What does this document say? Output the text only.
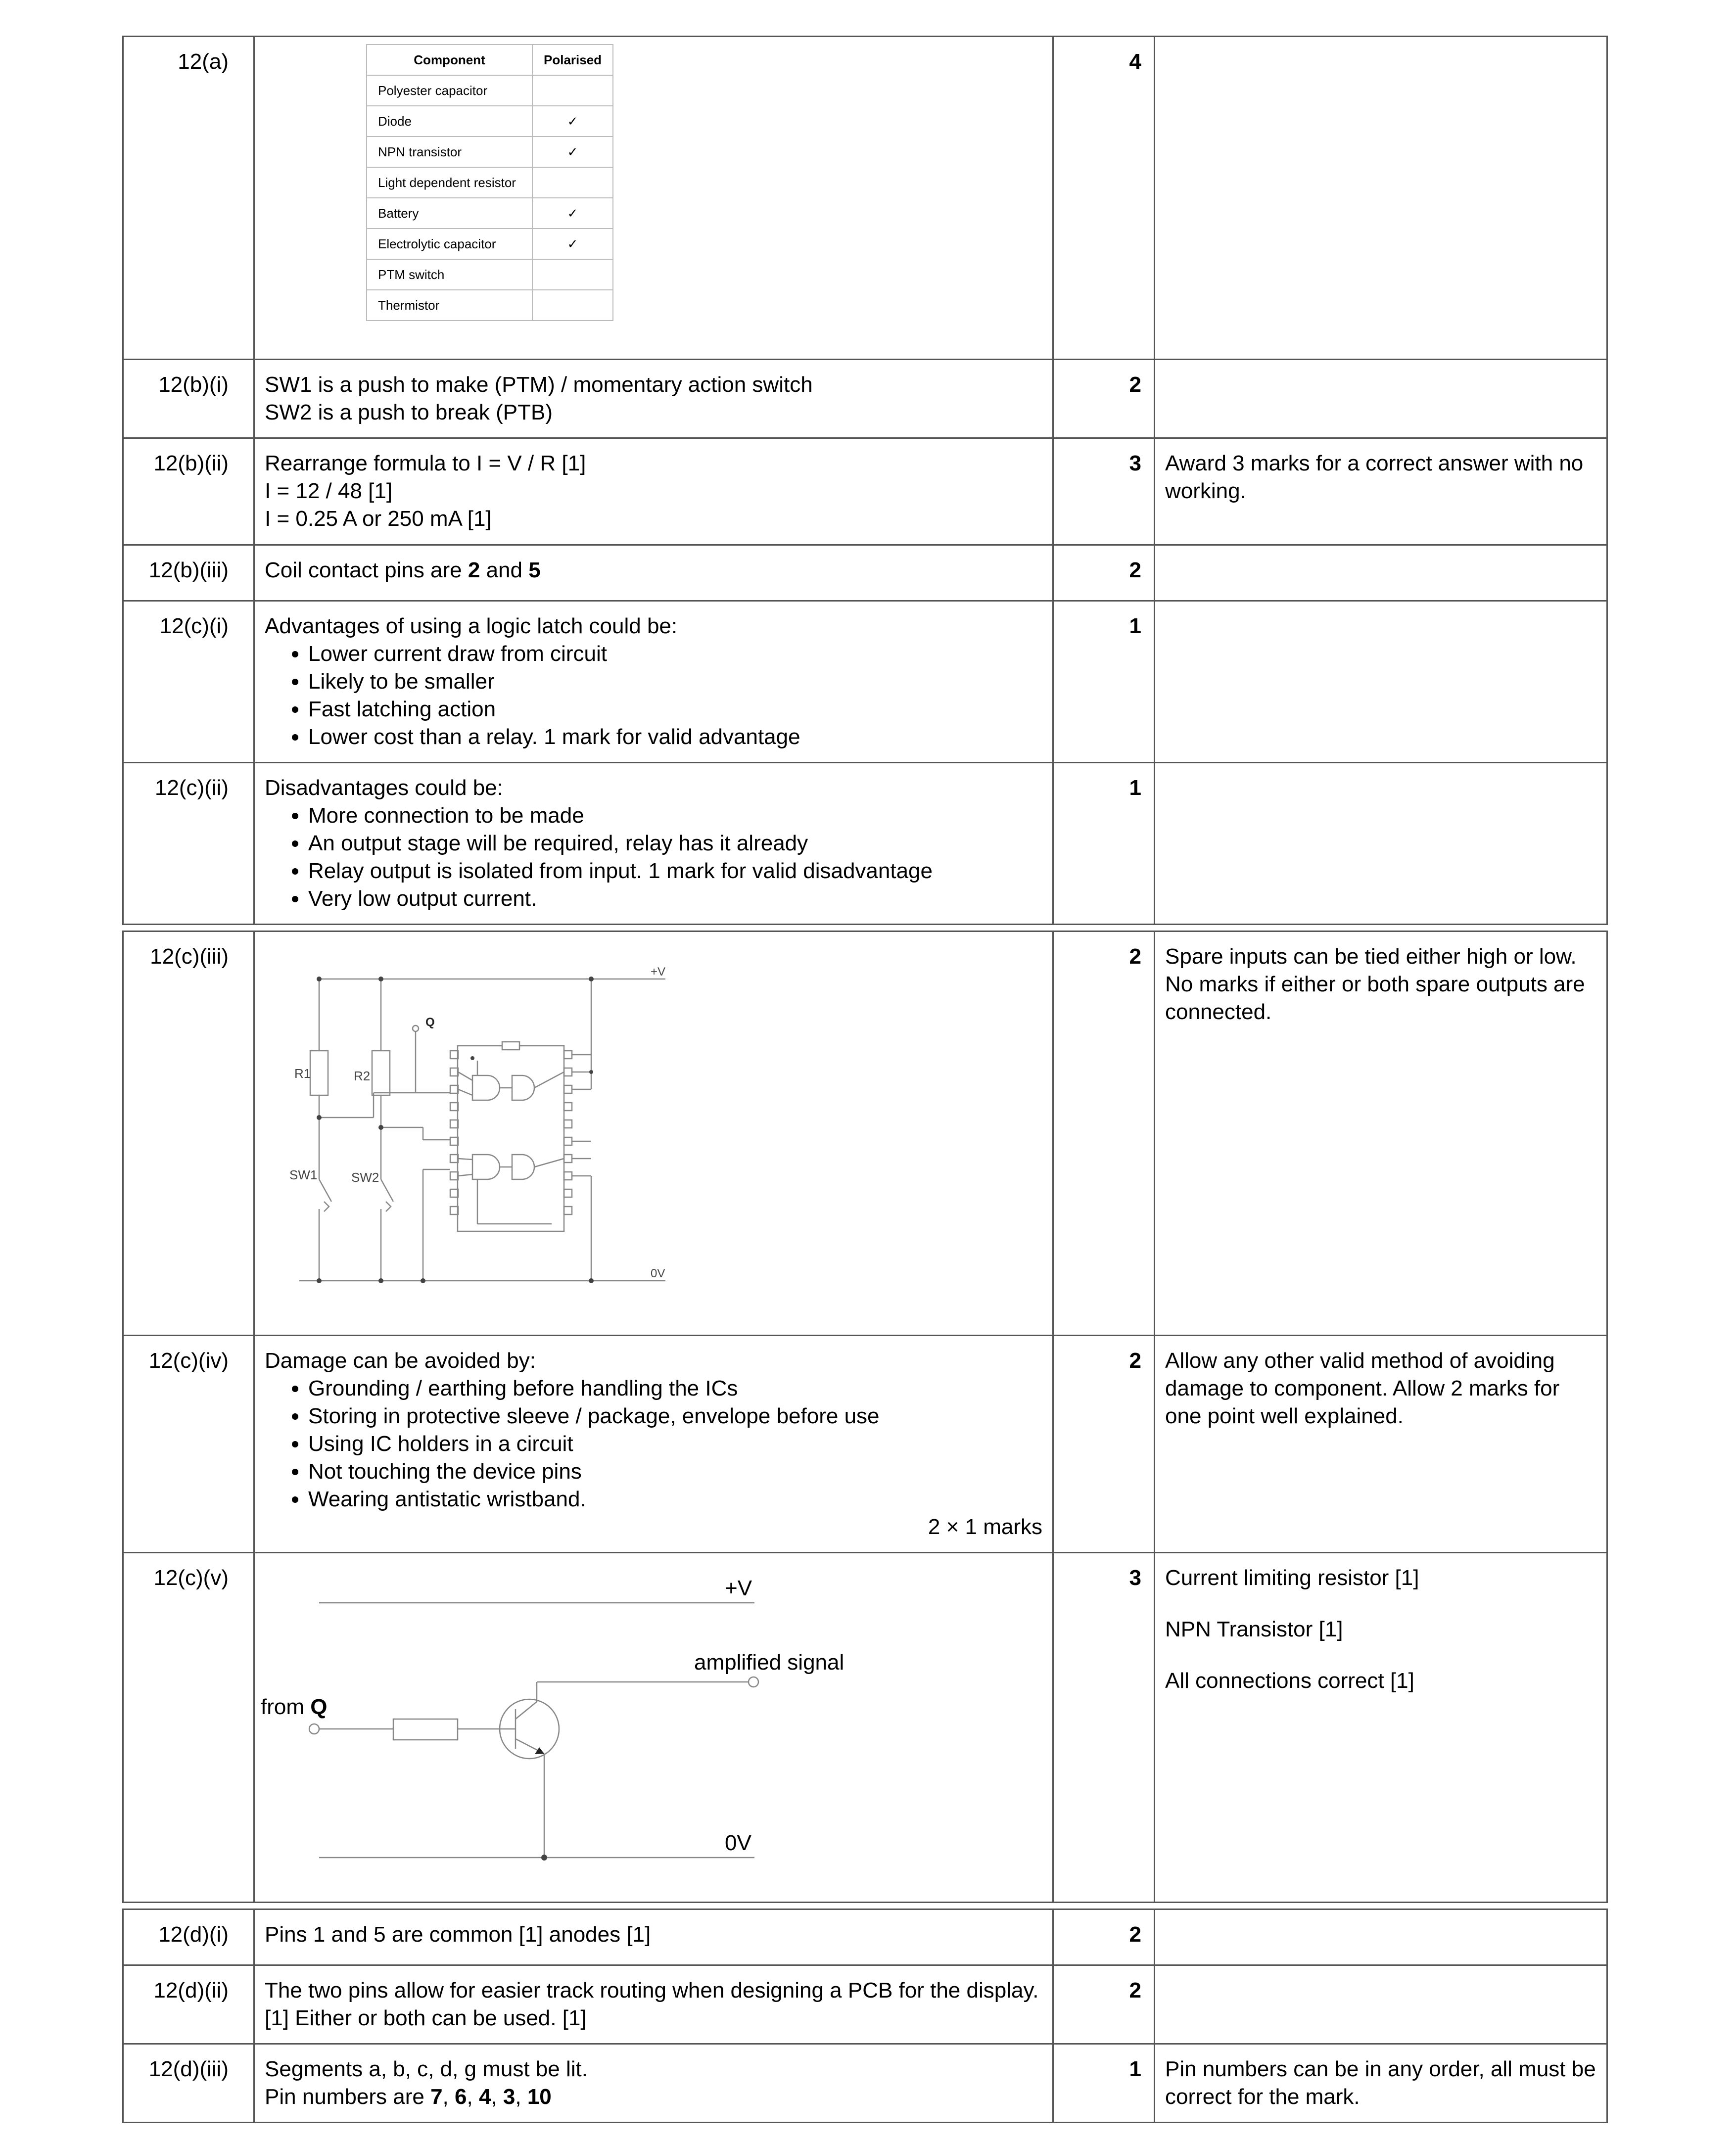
12(a)		Component	Polarised
Polyester capacitor	
Diode	✓
NPN transistor	✓
Light dependent resistor	
Battery	✓
Electrolytic capacitor	✓
PTM switch	
Thermistor	
	4	
12(b)(i)	SW1 is a push to make (PTM) / momentary action switch
SW2 is a push to break (PTB)
	2	
12(b)(ii)	Rearrange formula to I = V / R [1]
I = 12 / 48 [1]
I = 0.25 A or 250 mA [1]
	3	Award 3 marks for a correct answer with no working.
12(b)(iii)	Coil contact pins are 2 and 5	2	
12(c)(i)	Advantages of using a logic latch could be:
• Lower current draw from circuit
• Likely to be smaller
• Fast latching action
• Lower cost than a relay. 1 mark for valid advantage
	1	
12(c)(ii)	Disadvantages could be:
• More connection to be made
• An output stage will be required, relay has it already
• Relay output is isolated from input. 1 mark for valid disadvantage
• Very low output current.
	1	

12(c)(iii)	
+V
0V
Q
R1	R2
SW1	SW2
	2	Spare inputs can be tied either high or low. No marks if either or both spare outputs are connected.
12(c)(iv)	Damage can be avoided by:
• Grounding / earthing before handling the ICs
• Storing in protective sleeve / package, envelope before use
• Using IC holders in a circuit
• Not touching the device pins
• Wearing antistatic wristband.
2 × 1 marks
	2	Allow any other valid method of avoiding damage to component. Allow 2 marks for one point well explained.
12(c)(v)	+V
amplified signal
from Q
0V
	3	Current limiting resistor [1]
NPN Transistor [1]
All connections correct [1]

12(d)(i)	Pins 1 and 5 are common [1] anodes [1]	2	
12(d)(ii)	The two pins allow for easier track routing when designing a PCB for the display. [1] Either or both can be used. [1]	2	
12(d)(iii)	Segments a, b, c, d, g must be lit.
Pin numbers are 7, 6, 4, 3, 10
	1	Pin numbers can be in any order, all must be correct for the mark.
